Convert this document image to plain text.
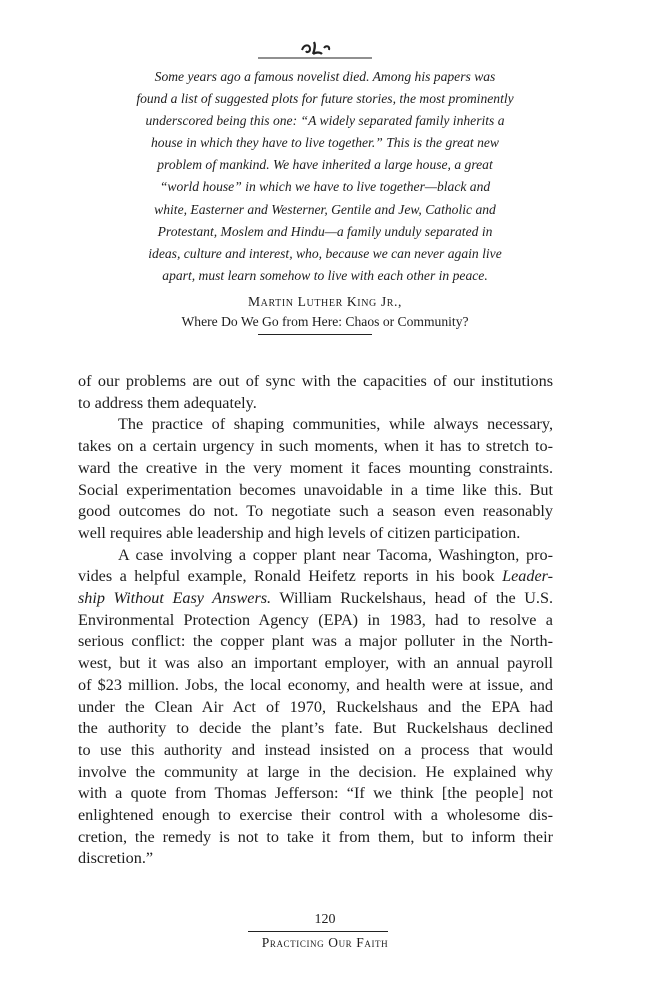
Some years ago a famous novelist died. Among his papers was
found a list of suggested plots for future stories, the most prominently
underscored being this one: “A widely separated family inherits a
house in which they have to live together.” This is the great new
problem of mankind. We have inherited a large house, a great
“world house” in which we have to live together—black and
white, Easterner and Westerner, Gentile and Jew, Catholic and
Protestant, Moslem and Hindu—a family unduly separated in
ideas, culture and interest, who, because we can never again live
apart, must learn somehow to live with each other in peace.
Martin Luther King Jr.,
Where Do We Go from Here: Chaos or Community?
of our problems are out of sync with the capacities of our institutions
to address them adequately.
The practice of shaping communities, while always necessary,
takes on a certain urgency in such moments, when it has to stretch to-
ward the creative in the very moment it faces mounting constraints.
Social experimentation becomes unavoidable in a time like this. But
good outcomes do not. To negotiate such a season even reasonably
well requires able leadership and high levels of citizen participation.
A case involving a copper plant near Tacoma, Washington, pro-
vides a helpful example, Ronald Heifetz reports in his book Leader-
ship Without Easy Answers. William Ruckelshaus, head of the U.S.
Environmental Protection Agency (EPA) in 1983, had to resolve a
serious conflict: the copper plant was a major polluter in the North-
west, but it was also an important employer, with an annual payroll
of $23 million. Jobs, the local economy, and health were at issue, and
under the Clean Air Act of 1970, Ruckelshaus and the EPA had
the authority to decide the plant’s fate. But Ruckelshaus declined
to use this authority and instead insisted on a process that would
involve the community at large in the decision. He explained why
with a quote from Thomas Jefferson: “If we think [the people] not
enlightened enough to exercise their control with a wholesome dis-
cretion, the remedy is not to take it from them, but to inform their
discretion.”
120
Practicing Our Faith
